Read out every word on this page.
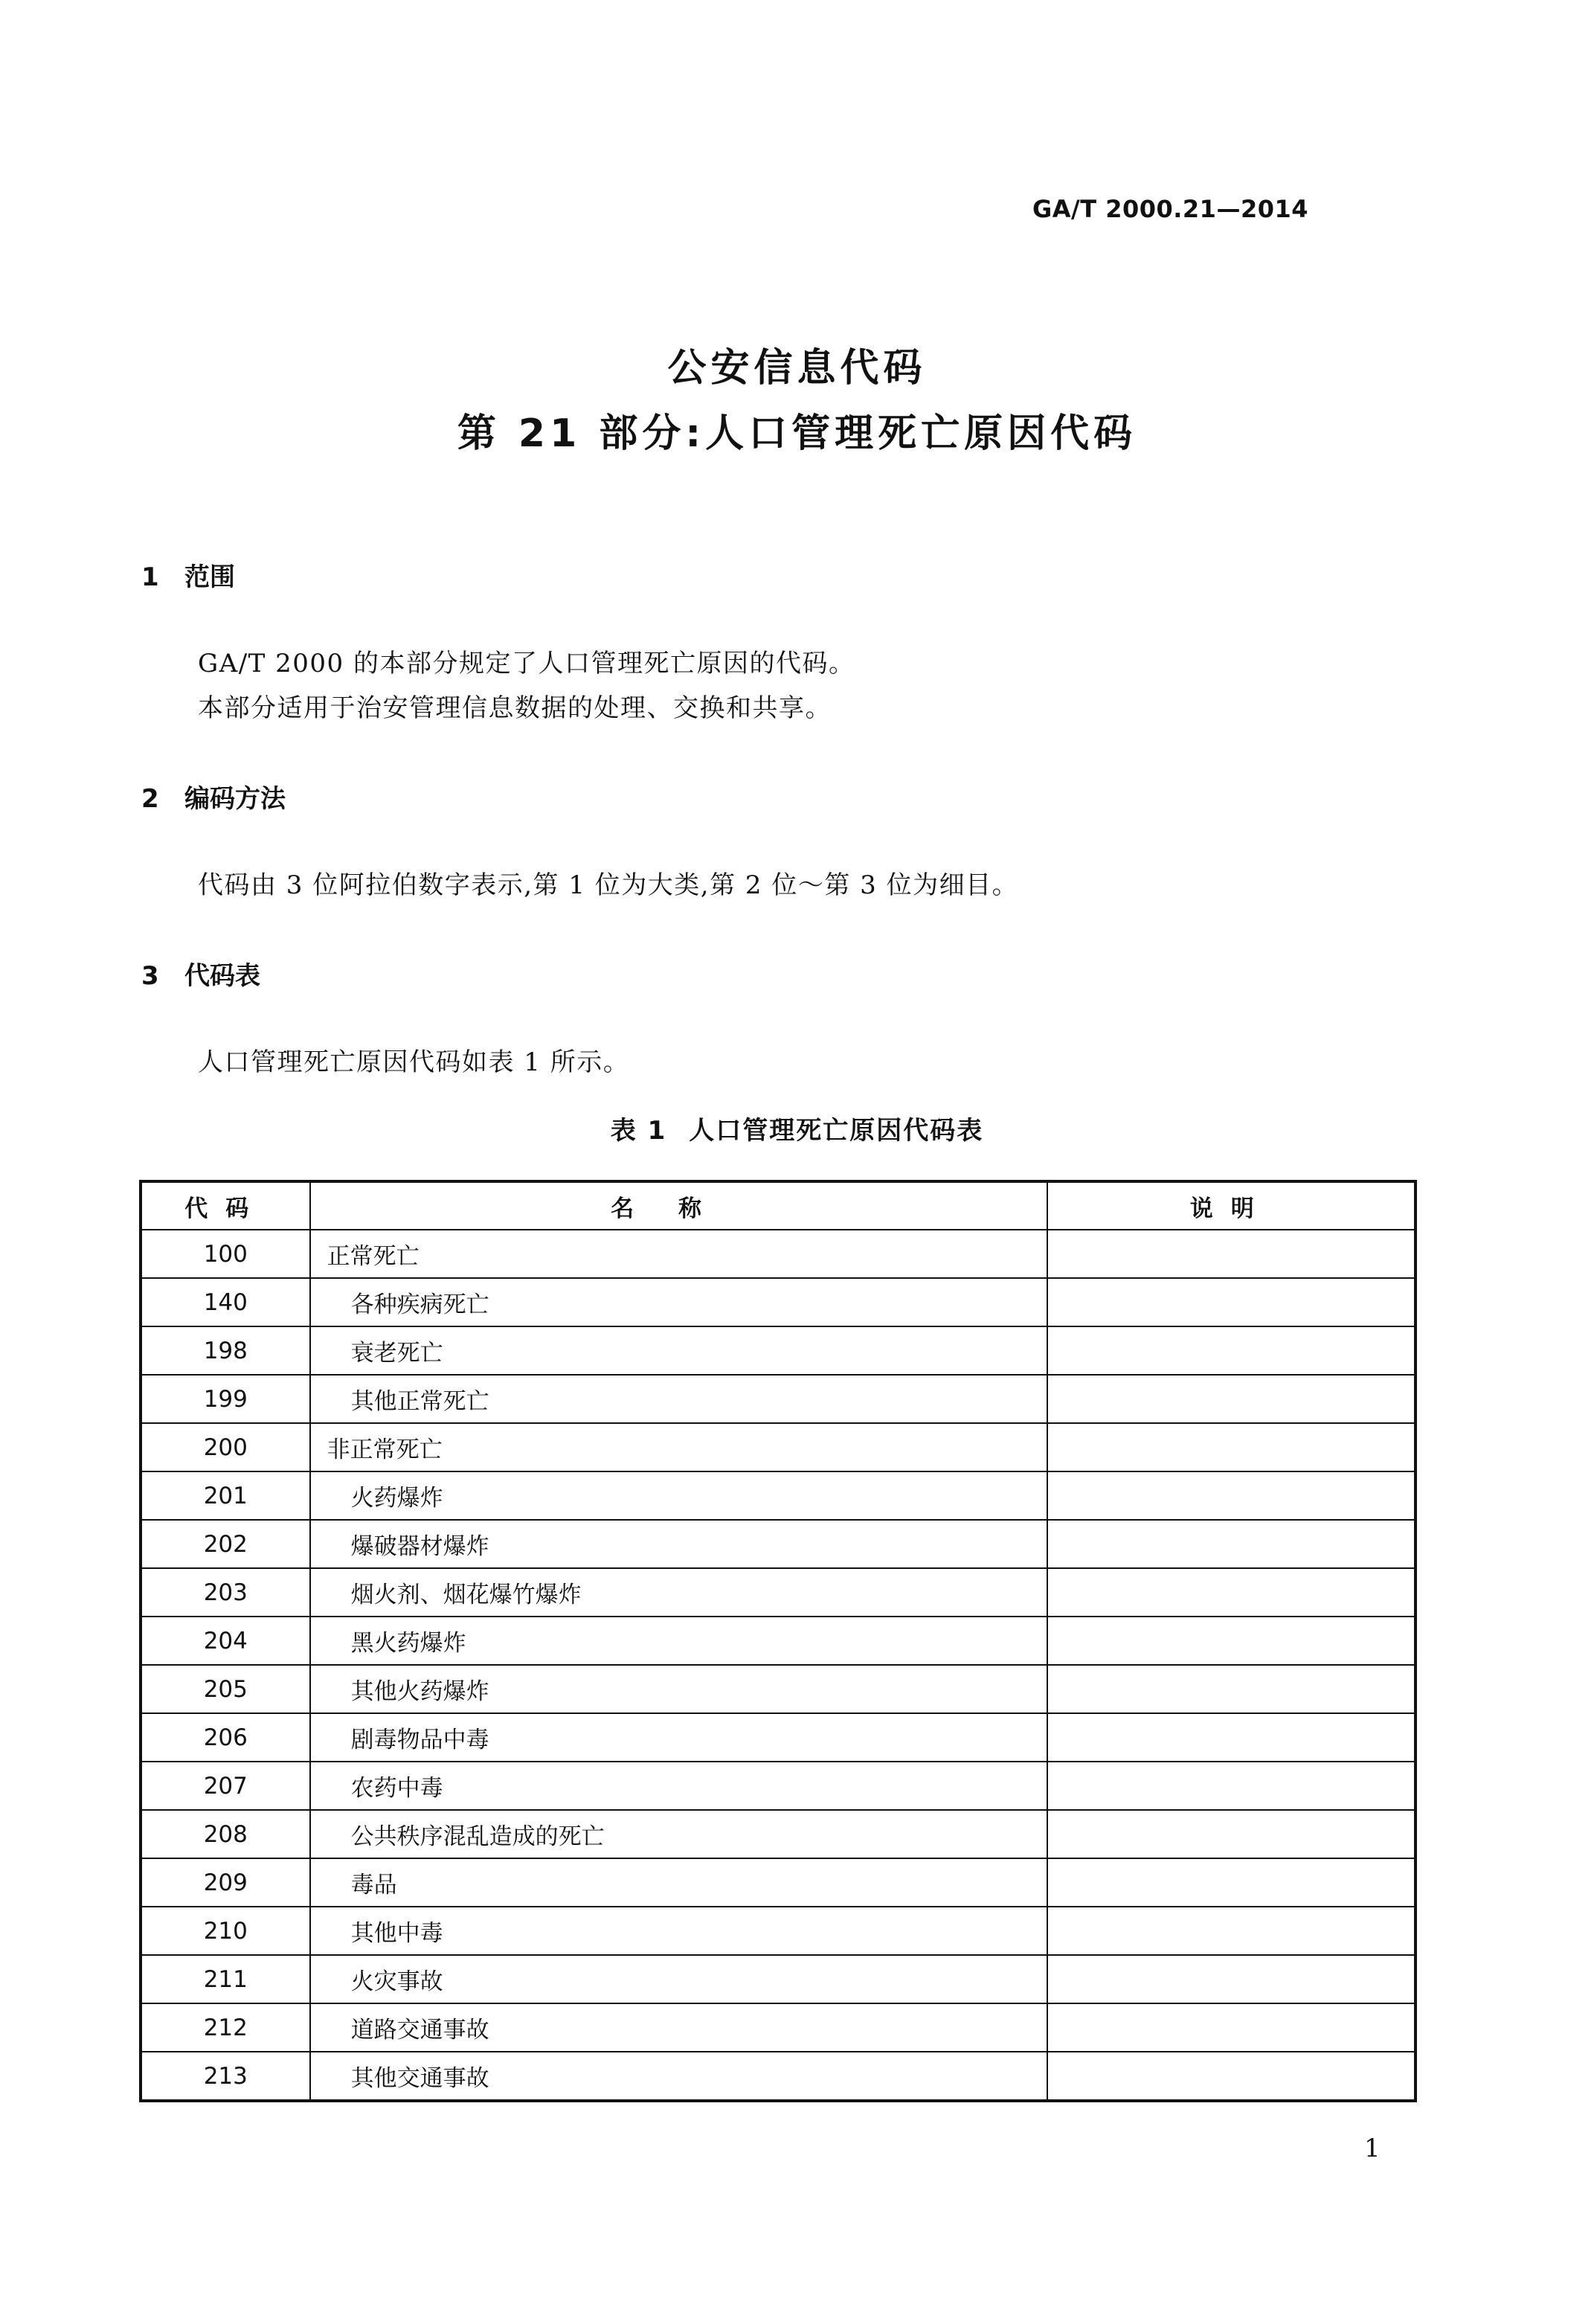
GA/T 2000.21—2014
公安信息代码
第 21 部分:人口管理死亡原因代码
1 范围
GA/T 2000 的本部分规定了人口管理死亡原因的代码。
本部分适用于治安管理信息数据的处理、交换和共享。
2 编码方法
代码由 3 位阿拉伯数字表示,第 1 位为大类,第 2 位～第 3 位为细目。
3 代码表
人口管理死亡原因代码如表 1 所示。
表 1 人口管理死亡原因代码表
代码	名称	说明
100	正常死亡	
140	各种疾病死亡	
198	衰老死亡	
199	其他正常死亡	
200	非正常死亡	
201	火药爆炸	
202	爆破器材爆炸	
203	烟火剂、烟花爆竹爆炸	
204	黑火药爆炸	
205	其他火药爆炸	
206	剧毒物品中毒	
207	农药中毒	
208	公共秩序混乱造成的死亡	
209	毒品	
210	其他中毒	
211	火灾事故	
212	道路交通事故	
213	其他交通事故	
1
